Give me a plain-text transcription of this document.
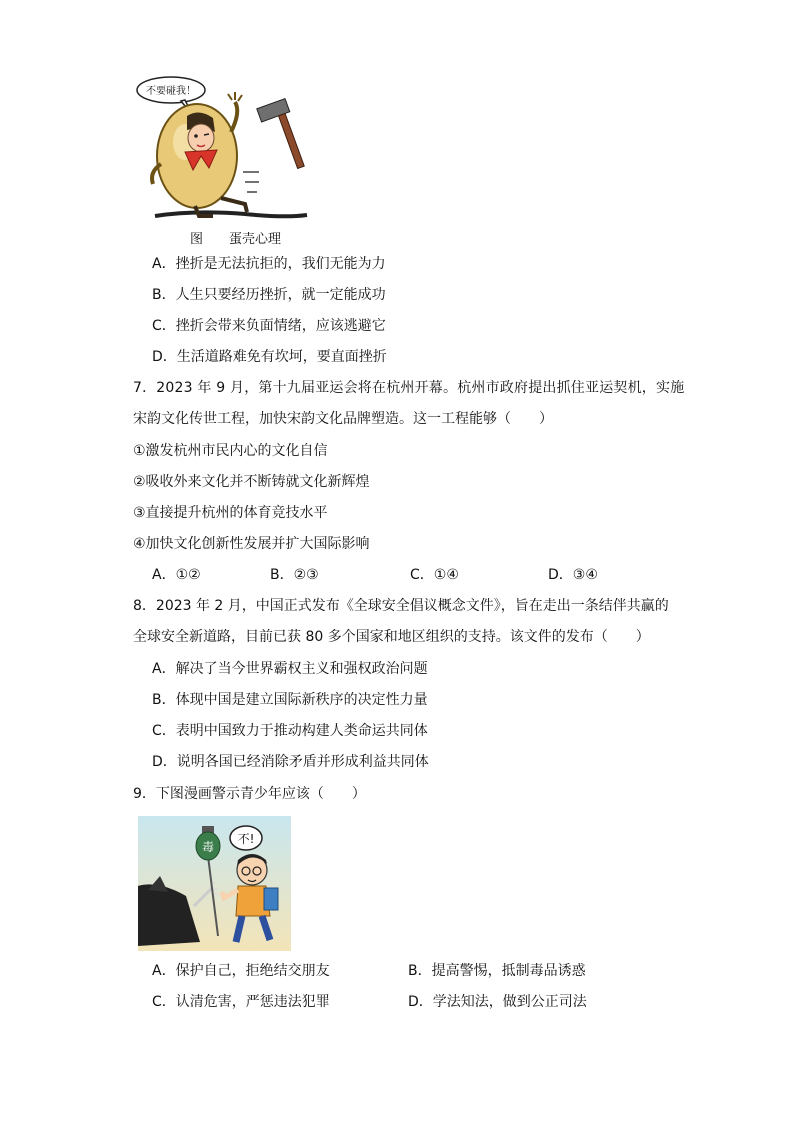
不要碰我！
图　　蛋壳心理
A．挫折是无法抗拒的，我们无能为力
B．人生只要经历挫折，就一定能成功
C．挫折会带来负面情绪，应该逃避它
D．生活道路难免有坎坷，要直面挫折
7．2023 年 9 月，第十九届亚运会将在杭州开幕。杭州市政府提出抓住亚运契机，实施
宋韵文化传世工程，加快宋韵文化品牌塑造。这一工程能够（　　）
①激发杭州市民内心的文化自信
②吸收外来文化并不断铸就文化新辉煌
③直接提升杭州的体育竞技水平
④加快文化创新性发展并扩大国际影响
A．①②	B．②③	C．①④	D．③④
8．2023 年 2 月，中国正式发布《全球安全倡议概念文件》，旨在走出一条结伴共赢的
全球安全新道路，目前已获 80 多个国家和地区组织的支持。该文件的发布（　　）
A．解决了当今世界霸权主义和强权政治问题
B．体现中国是建立国际新秩序的决定性力量
C．表明中国致力于推动构建人类命运共同体
D．说明各国已经消除矛盾并形成利益共同体
9．下图漫画警示青少年应该（　　）
毒
不!
A．保护自己，拒绝结交朋友	B．提高警惕，抵制毒品诱惑
C．认清危害，严惩违法犯罪	D．学法知法，做到公正司法
